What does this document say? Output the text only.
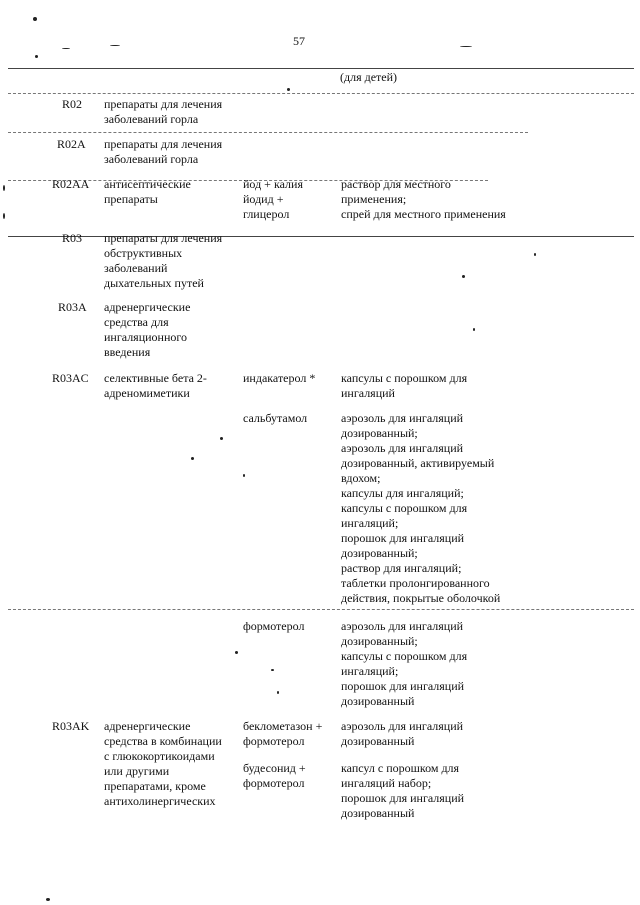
57
(для детей)
R02 препараты для лечения
заболеваний горла
R02A препараты для лечения
заболеваний горла
R02AA антисептические
препараты
йод + калия
йодид +
глицерол
раствор для местного
применения;
спрей для местного применения
R03 препараты для лечения
обструктивных
заболеваний
дыхательных путей
R03A адренергические
средства для
ингаляционного
введения
R03AC селективные бета 2-
адреномиметики
индакатерол * капсулы с порошком для
ингаляций
сальбутамол	аэрозоль для ингаляций
дозированный;
аэрозоль для ингаляций
дозированный, активируемый
вдохом;
капсулы для ингаляций;
капсулы с порошком для
ингаляций;
порошок для ингаляций
дозированный;
раствор для ингаляций;
таблетки пролонгированного
действия, покрытые оболочкой
формотерол	аэрозоль для ингаляций
дозированный;
капсулы с порошком для
ингаляций;
порошок для ингаляций
дозированный
R03AK адренергические
средства в комбинации
с глюкокортикоидами
или другими
препаратами, кроме
антихолинергических
беклометазон +
формотерол
аэрозоль для ингаляций
дозированный
будесонид +
формотерол
капсул с порошком для
ингаляций набор;
порошок для ингаляций
дозированный
